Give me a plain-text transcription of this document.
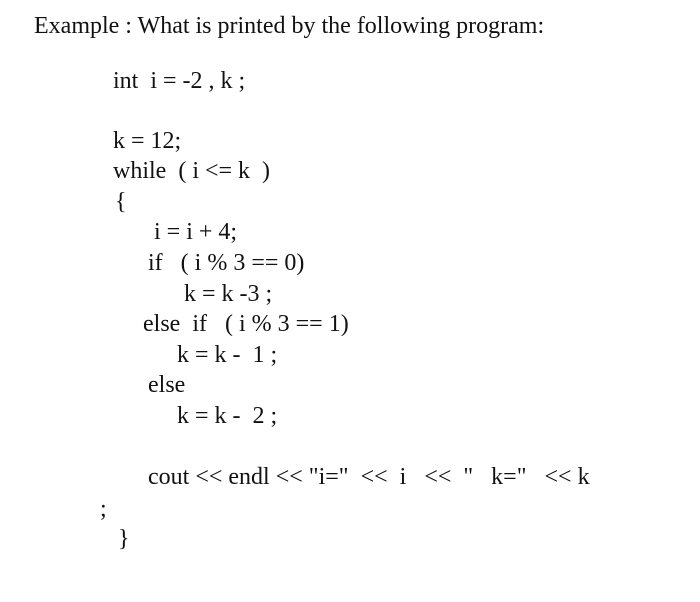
Example : What is printed by the following program:
int  i = -2 , k ;
k = 12;
while  ( i <= k  )
{
i = i + 4;
if   ( i % 3 == 0)
k = k -3 ;
else  if   ( i % 3 == 1)
k = k -  1 ;
else
k = k -  2 ;
cout << endl << "i="  <<  i   <<  "   k="   << k
;
}
